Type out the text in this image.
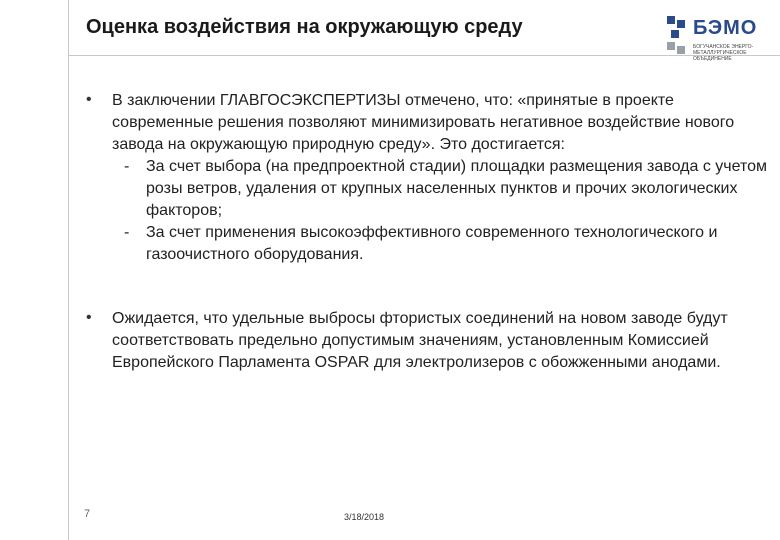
Оценка воздействия на окружающую среду	БЭМО
БОГУЧАНСКОЕ ЭНЕРГО-МЕТАЛЛУРГИЧЕСКОЕ ОБЪЕДИНЕНИЕ
• В заключении ГЛАВГОСЭКСПЕРТИЗЫ отмечено, что: «принятые в проекте современные решения позволяют минимизировать негативное воздействие нового завода на окружающую природную среду». Это достигается:
- За счет выбора (на предпроектной стадии) площадки размещения завода с учетом розы ветров, удаления от крупных населенных пунктов и прочих экологических факторов;
- За счет применения высокоэффективного современного технологического и газоочистного оборудования.
• Ожидается, что удельные выбросы фтористых соединений на новом заводе будут соответствовать предельно допустимым значениям, установленным Комиссией Европейского Парламента OSPAR для электролизеров с обожженными анодами.
7	3/18/2018
